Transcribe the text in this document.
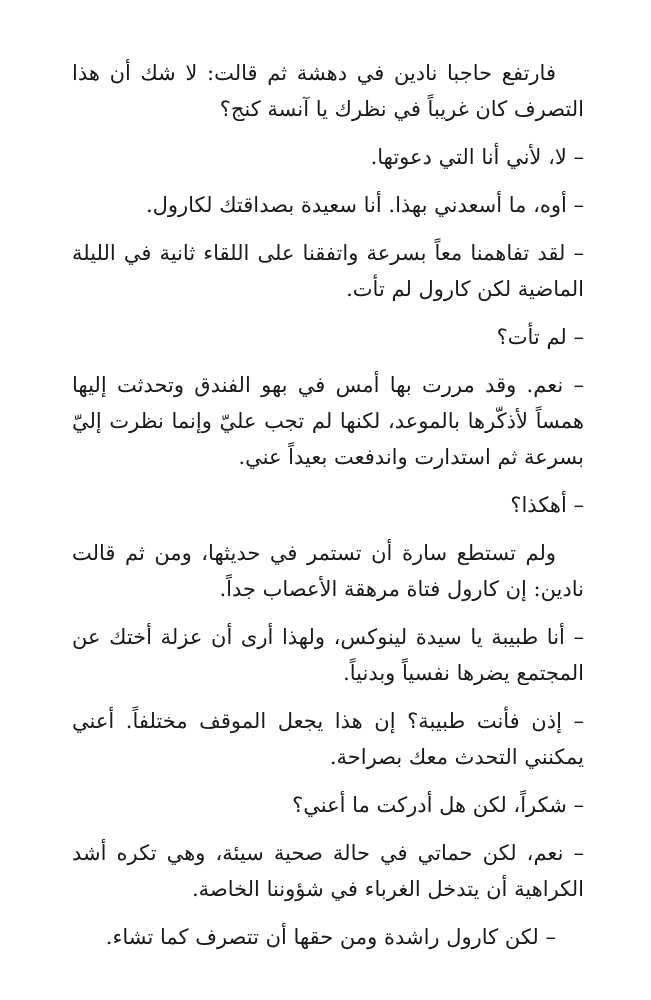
فارتفع حاجبا نادين في دهشة ثم قالت: لا شك أن هذا التصرف كان غريباً في نظرك يا آنسة كنج؟

– لا، لأني أنا التي دعوتها.

– أوه، ما أسعدني بهذا. أنا سعيدة بصداقتك لكارول.

– لقد تفاهمنا معاً بسرعة واتفقنا على اللقاء ثانية في الليلة الماضية لكن كارول لم تأت.

– لم تأت؟

– نعم. وقد مررت بها أمس في بهو الفندق وتحدثت إليها همساً لأذكّرها بالموعد، لكنها لم تجب عليّ وإنما نظرت إليّ بسرعة ثم استدارت واندفعت بعيداً عني.

– أهكذا؟

ولم تستطع سارة أن تستمر في حديثها، ومن ثم قالت نادين: إن كارول فتاة مرهقة الأعصاب جداً.

– أنا طبيبة يا سيدة لينوكس، ولهذا أرى أن عزلة أختك عن المجتمع يضرها نفسياً وبدنياً.

– إذن فأنت طبيبة؟ إن هذا يجعل الموقف مختلفاً. أعني يمكنني التحدث معك بصراحة.

– شكراً، لكن هل أدركت ما أعني؟

– نعم، لكن حماتي في حالة صحية سيئة، وهي تكره أشد الكراهية أن يتدخل الغرباء في شؤوننا الخاصة.

– لكن كارول راشدة ومن حقها أن تتصرف كما تشاء.
